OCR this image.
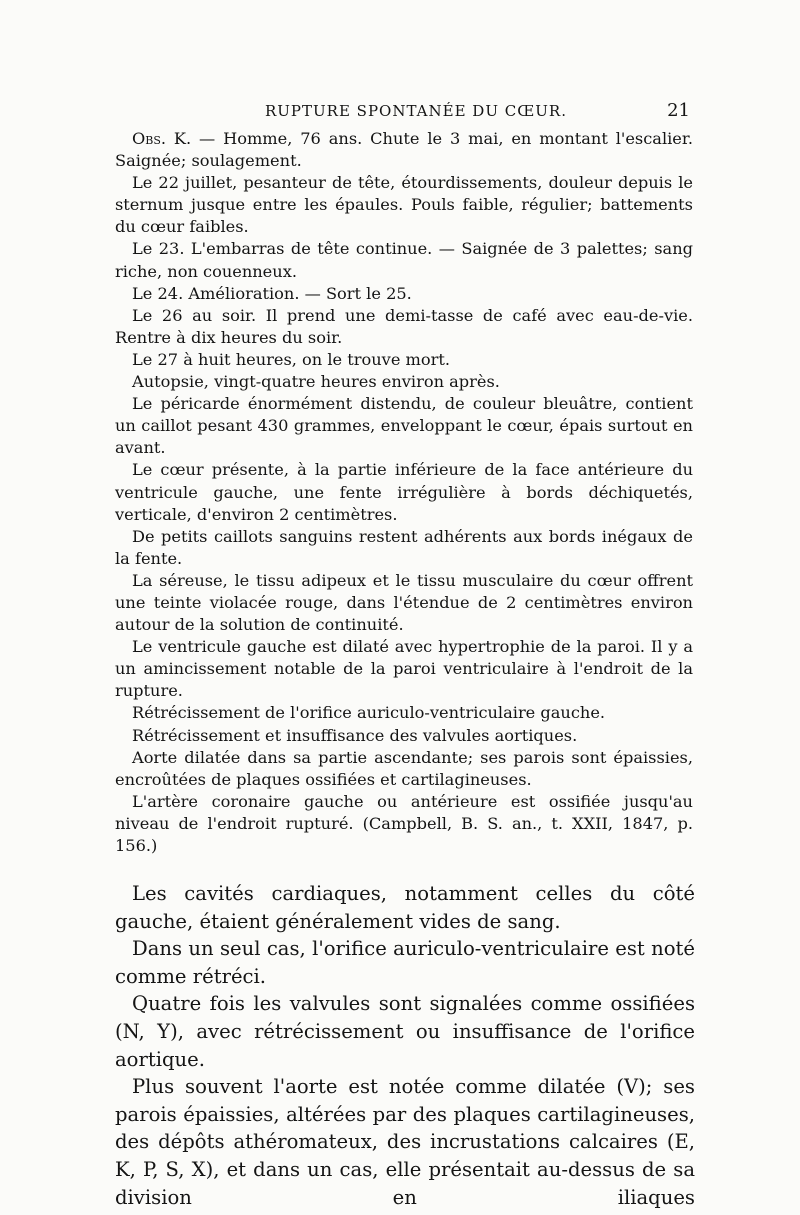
RUPTURE SPONTANÉE DU CŒUR.	21

Obs. K. — Homme, 76 ans. Chute le 3 mai, en montant l'escalier. Saignée; soulagement.

Le 22 juillet, pesanteur de tête, étourdissements, douleur depuis le sternum jusque entre les épaules. Pouls faible, régulier; battements du cœur faibles.

Le 23. L'embarras de tête continue. — Saignée de 3 palettes; sang riche, non couenneux.

Le 24. Amélioration. — Sort le 25.

Le 26 au soir. Il prend une demi-tasse de café avec eau-de-vie. Rentre à dix heures du soir.

Le 27 à huit heures, on le trouve mort.

Autopsie, vingt-quatre heures environ après.

Le péricarde énormément distendu, de couleur bleuâtre, contient un caillot pesant 430 grammes, enveloppant le cœur, épais surtout en avant.

Le cœur présente, à la partie inférieure de la face antérieure du ventricule gauche, une fente irrégulière à bords déchiquetés, verticale, d'environ 2 centimètres.

De petits caillots sanguins restent adhérents aux bords inégaux de la fente.

La séreuse, le tissu adipeux et le tissu musculaire du cœur offrent une teinte violacée rouge, dans l'étendue de 2 centimètres environ autour de la solution de continuité.

Le ventricule gauche est dilaté avec hypertrophie de la paroi. Il y a un amincissement notable de la paroi ventriculaire à l'endroit de la rupture.

Rétrécissement de l'orifice auriculo-ventriculaire gauche.

Rétrécissement et insuffisance des valvules aortiques.

Aorte dilatée dans sa partie ascendante; ses parois sont épaissies, encroûtées de plaques ossifiées et cartilagineuses.

L'artère coronaire gauche ou antérieure est ossifiée jusqu'au niveau de l'endroit rupturé. (Campbell, B. S. an., t. XXII, 1847, p. 156.)

Les cavités cardiaques, notamment celles du côté gauche, étaient généralement vides de sang.

Dans un seul cas, l'orifice auriculo-ventriculaire est noté comme rétréci.

Quatre fois les valvules sont signalées comme ossifiées (N, Y), avec rétrécissement ou insuffisance de l'orifice aortique.

Plus souvent l'aorte est notée comme dilatée (V); ses parois épaissies, altérées par des plaques cartilagineuses, des dépôts athéromateux, des incrustations calcaires (E, K, P, S, X), et dans un cas, elle présentait au-dessus de sa division en iliaques
